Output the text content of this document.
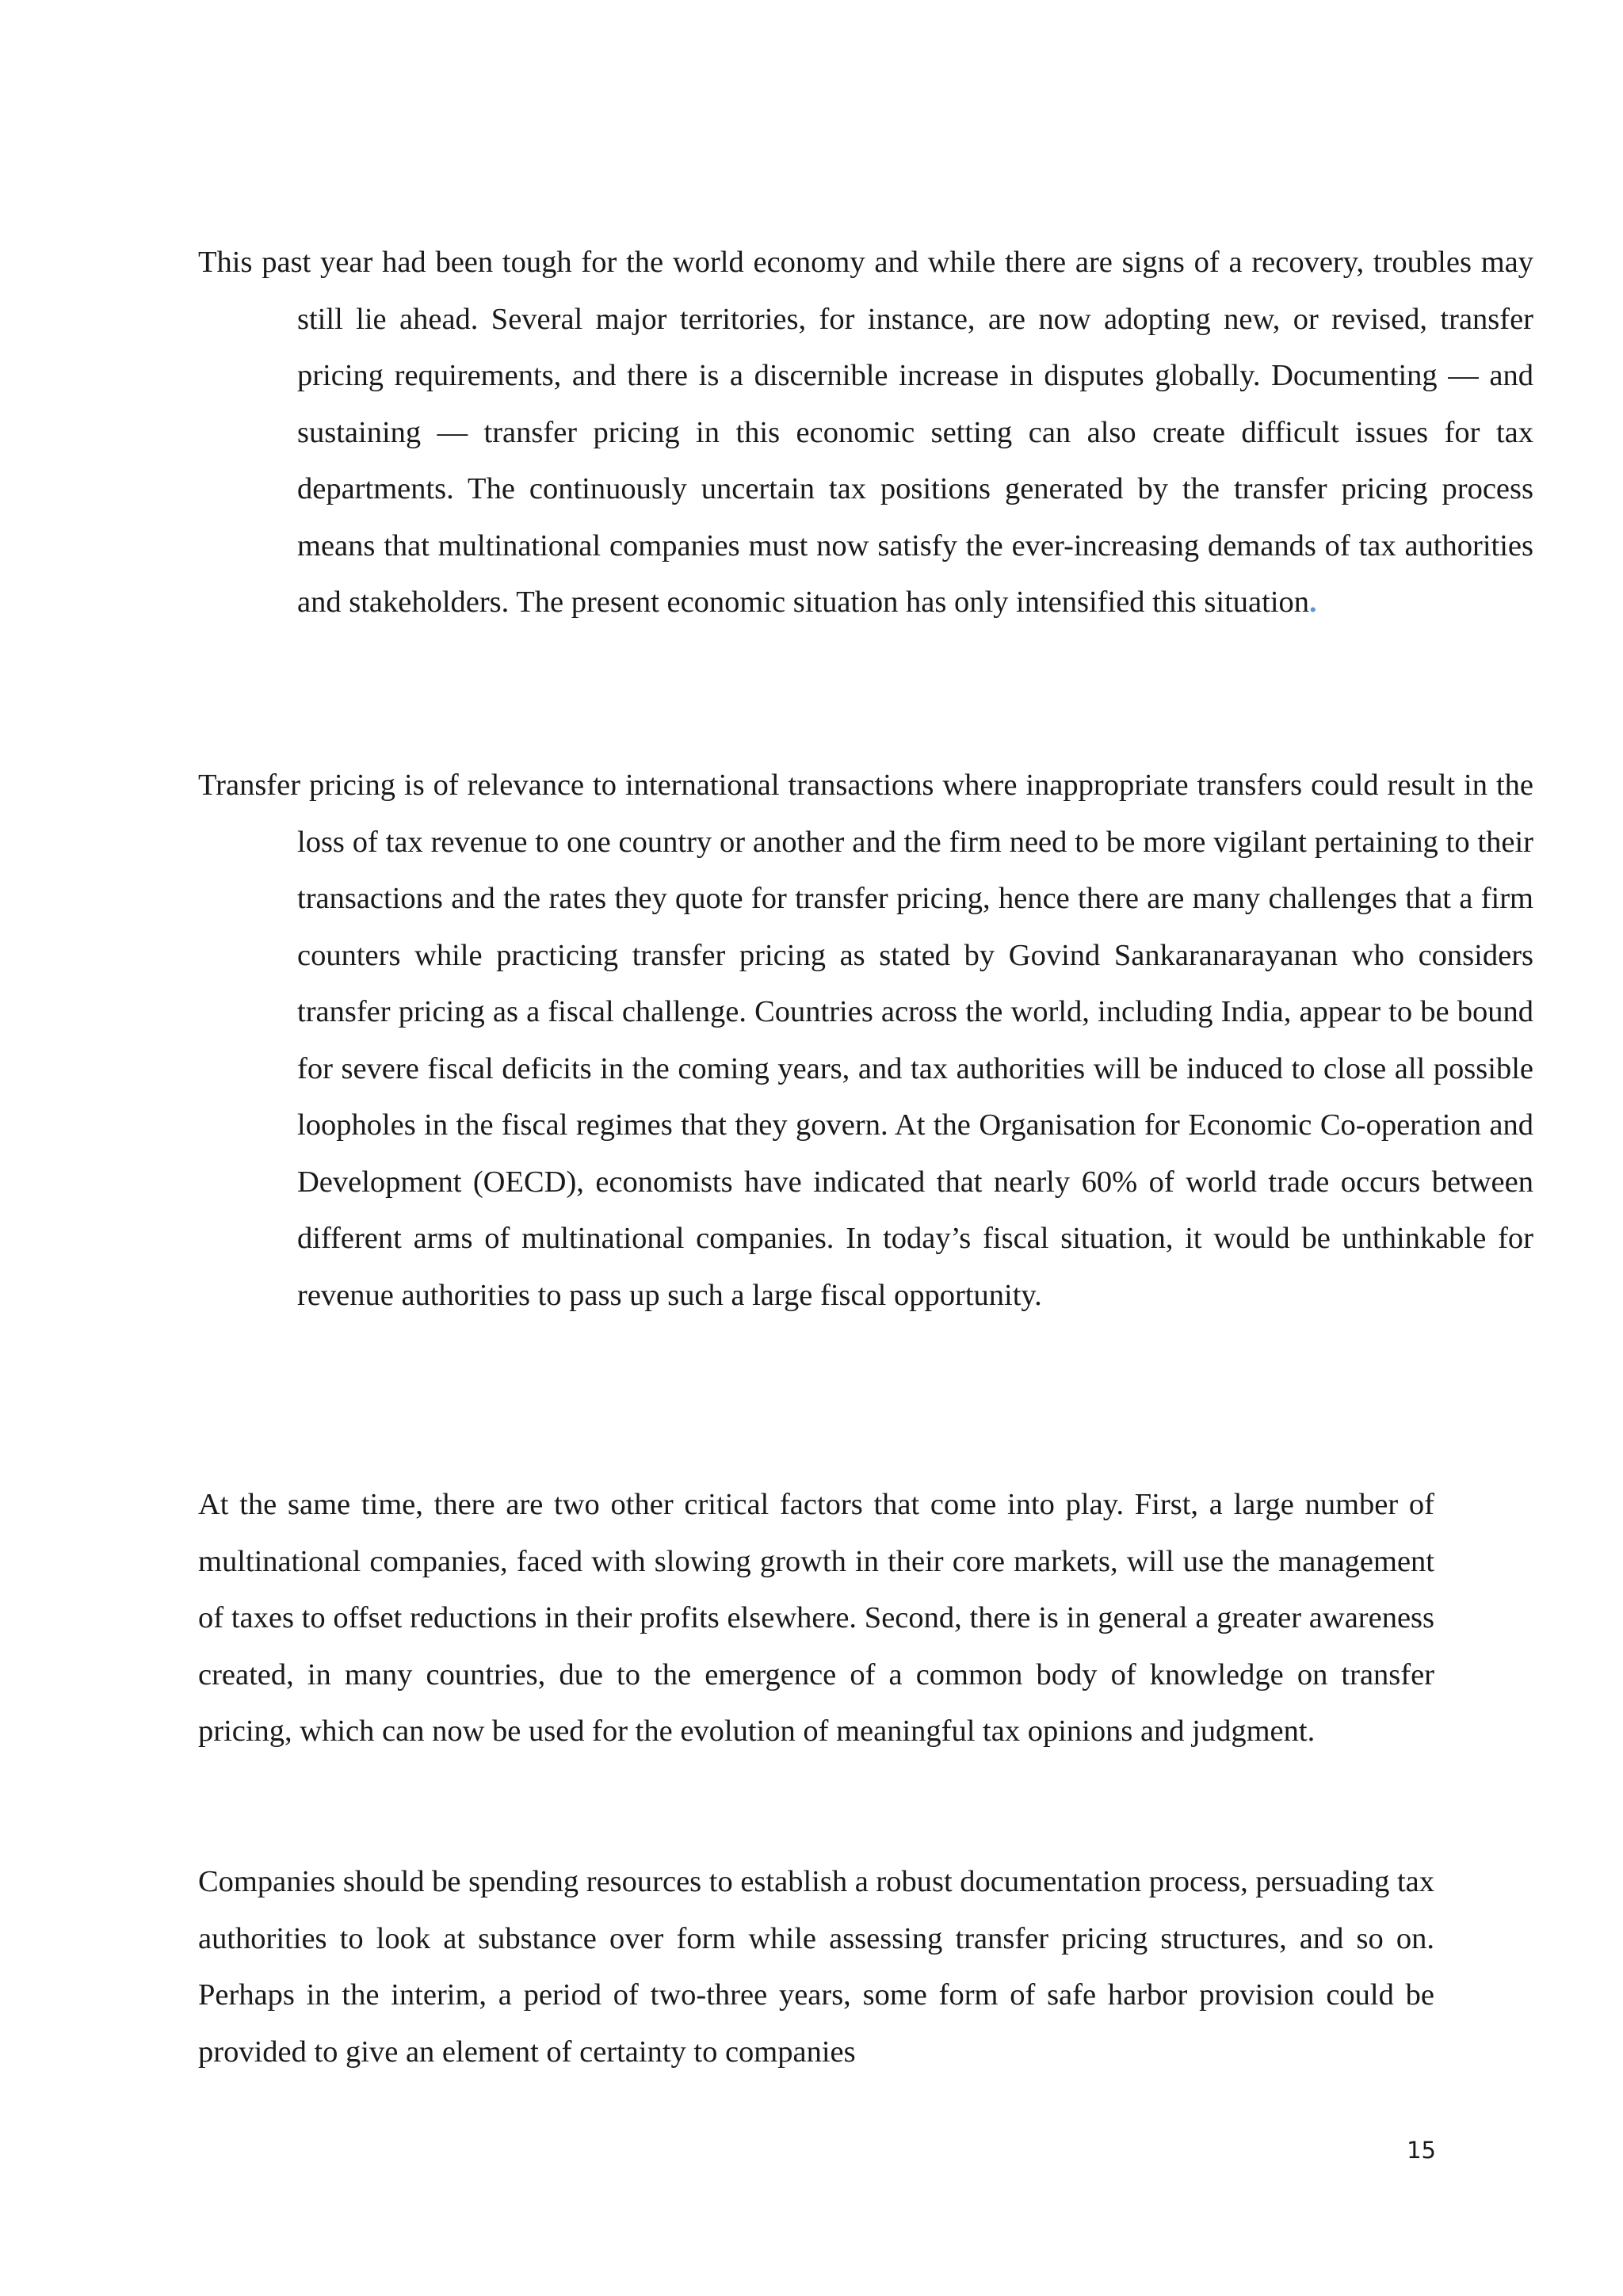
This past year had been tough for the world economy and while there are signs of a recovery, troubles may still lie ahead. Several major territories, for instance, are now adopting new, or revised, transfer pricing requirements, and there is a discernible increase in disputes globally. Documenting — and sustaining — transfer pricing in this economic setting can also create difficult issues for tax departments. The continuously uncertain tax positions generated by the transfer pricing process means that multinational companies must now satisfy the ever-increasing demands of tax authorities and stakeholders. The present economic situation has only intensified this situation.

Transfer pricing is of relevance to international transactions where inappropriate transfers could result in the loss of tax revenue to one country or another and the firm need to be more vigilant pertaining to their transactions and the rates they quote for transfer pricing, hence there are many challenges that a firm counters while practicing transfer pricing as stated by Govind Sankaranarayanan who considers transfer pricing as a fiscal challenge. Countries across the world, including India, appear to be bound for severe fiscal deficits in the coming years, and tax authorities will be induced to close all possible loopholes in the fiscal regimes that they govern. At the Organisation for Economic Co-operation and Development (OECD), economists have indicated that nearly 60% of world trade occurs between different arms of multinational companies. In today’s fiscal situation, it would be unthinkable for revenue authorities to pass up such a large fiscal opportunity.

At the same time, there are two other critical factors that come into play. First, a large number of multinational companies, faced with slowing growth in their core markets, will use the management of taxes to offset reductions in their profits elsewhere. Second, there is in general a greater awareness created, in many countries, due to the emergence of a common body of knowledge on transfer pricing, which can now be used for the evolution of meaningful tax opinions and judgment.

Companies should be spending resources to establish a robust documentation process, persuading tax authorities to look at substance over form while assessing transfer pricing structures, and so on. Perhaps in the interim, a period of two-three years, some form of safe harbor provision could be provided to give an element of certainty to companies

15
